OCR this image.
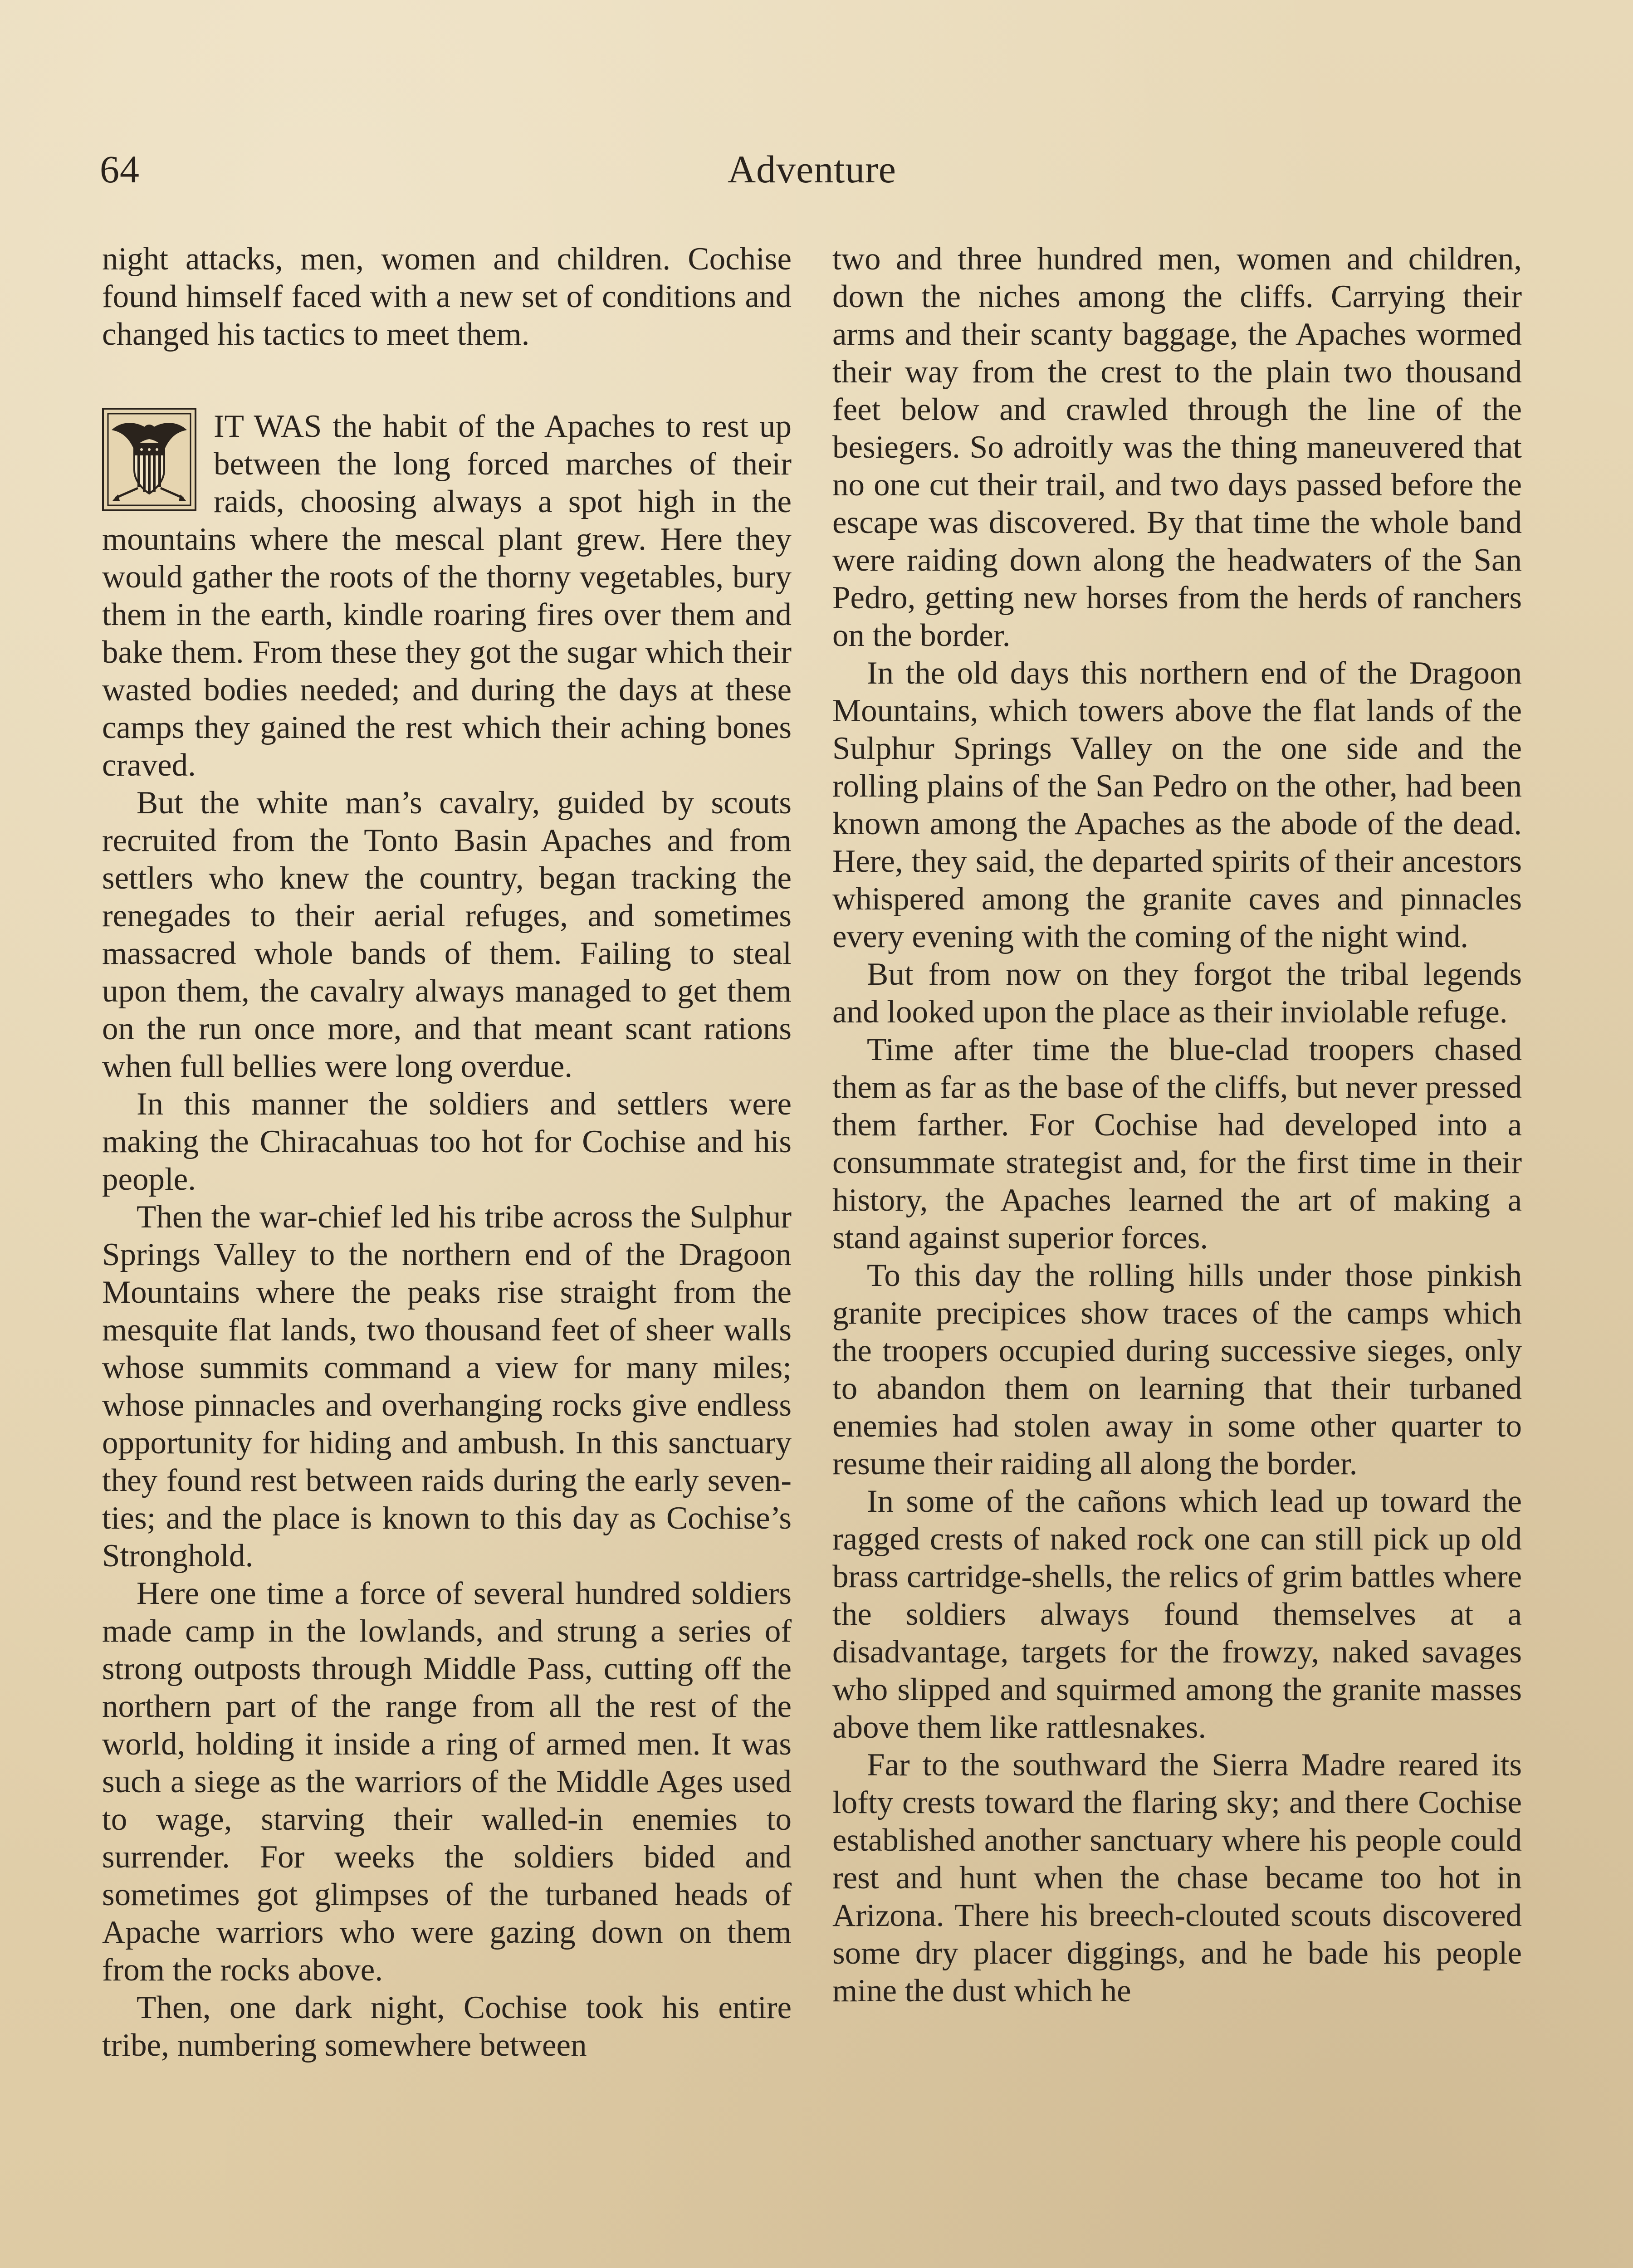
64	Adventure

night attacks, men, women and children. Cochise found himself faced with a new set of conditions and changed his tactics to meet them.

IT WAS the habit of the Apaches to rest up between the long forced marches of their raids, choosing always a spot high in the mountains where the mescal plant grew. Here they would gather the roots of the thorny vegetables, bury them in the earth, kindle roaring fires over them and bake them. From these they got the sugar which their wasted bodies needed; and during the days at these camps they gained the rest which their aching bones craved.

But the white man’s cavalry, guided by scouts recruited from the Tonto Basin Apaches and from settlers who knew the country, began tracking the renegades to their aerial refuges, and sometimes massacred whole bands of them. Failing to steal upon them, the cavalry always managed to get them on the run once more, and that meant scant rations when full bellies were long overdue.

In this manner the soldiers and settlers were making the Chiracahuas too hot for Cochise and his people.

Then the war-chief led his tribe across the Sulphur Springs Valley to the northern end of the Dragoon Mountains where the peaks rise straight from the mesquite flat lands, two thousand feet of sheer walls whose summits command a view for many miles; whose pinnacles and overhanging rocks give endless opportunity for hiding and ambush. In this sanctuary they found rest between raids during the early seventies; and the place is known to this day as Cochise’s Stronghold.

Here one time a force of several hundred soldiers made camp in the lowlands, and strung a series of strong outposts through Middle Pass, cutting off the northern part of the range from all the rest of the world, holding it inside a ring of armed men. It was such a siege as the warriors of the Middle Ages used to wage, starving their walled-in enemies to surrender. For weeks the soldiers bided and sometimes got glimpses of the turbaned heads of Apache warriors who were gazing down on them from the rocks above.

Then, one dark night, Cochise took his entire tribe, numbering somewhere between

two and three hundred men, women and children, down the niches among the cliffs. Carrying their arms and their scanty baggage, the Apaches wormed their way from the crest to the plain two thousand feet below and crawled through the line of the besiegers. So adroitly was the thing maneuvered that no one cut their trail, and two days passed before the escape was discovered. By that time the whole band were raiding down along the headwaters of the San Pedro, getting new horses from the herds of ranchers on the border.

In the old days this northern end of the Dragoon Mountains, which towers above the flat lands of the Sulphur Springs Valley on the one side and the rolling plains of the San Pedro on the other, had been known among the Apaches as the abode of the dead. Here, they said, the departed spirits of their ancestors whispered among the granite caves and pinnacles every evening with the coming of the night wind.

But from now on they forgot the tribal legends and looked upon the place as their inviolable refuge.

Time after time the blue-clad troopers chased them as far as the base of the cliffs, but never pressed them farther. For Cochise had developed into a consummate strategist and, for the first time in their history, the Apaches learned the art of making a stand against superior forces.

To this day the rolling hills under those pinkish granite precipices show traces of the camps which the troopers occupied during successive sieges, only to abandon them on learning that their turbaned enemies had stolen away in some other quarter to resume their raiding all along the border.

In some of the cañons which lead up toward the ragged crests of naked rock one can still pick up old brass cartridge-shells, the relics of grim battles where the soldiers always found themselves at a disadvantage, targets for the frowzy, naked savages who slipped and squirmed among the granite masses above them like rattlesnakes.

Far to the southward the Sierra Madre reared its lofty crests toward the flaring sky; and there Cochise established another sanctuary where his people could rest and hunt when the chase became too hot in Arizona. There his breech-clouted scouts discovered some dry placer diggings, and he bade his people mine the dust which he
